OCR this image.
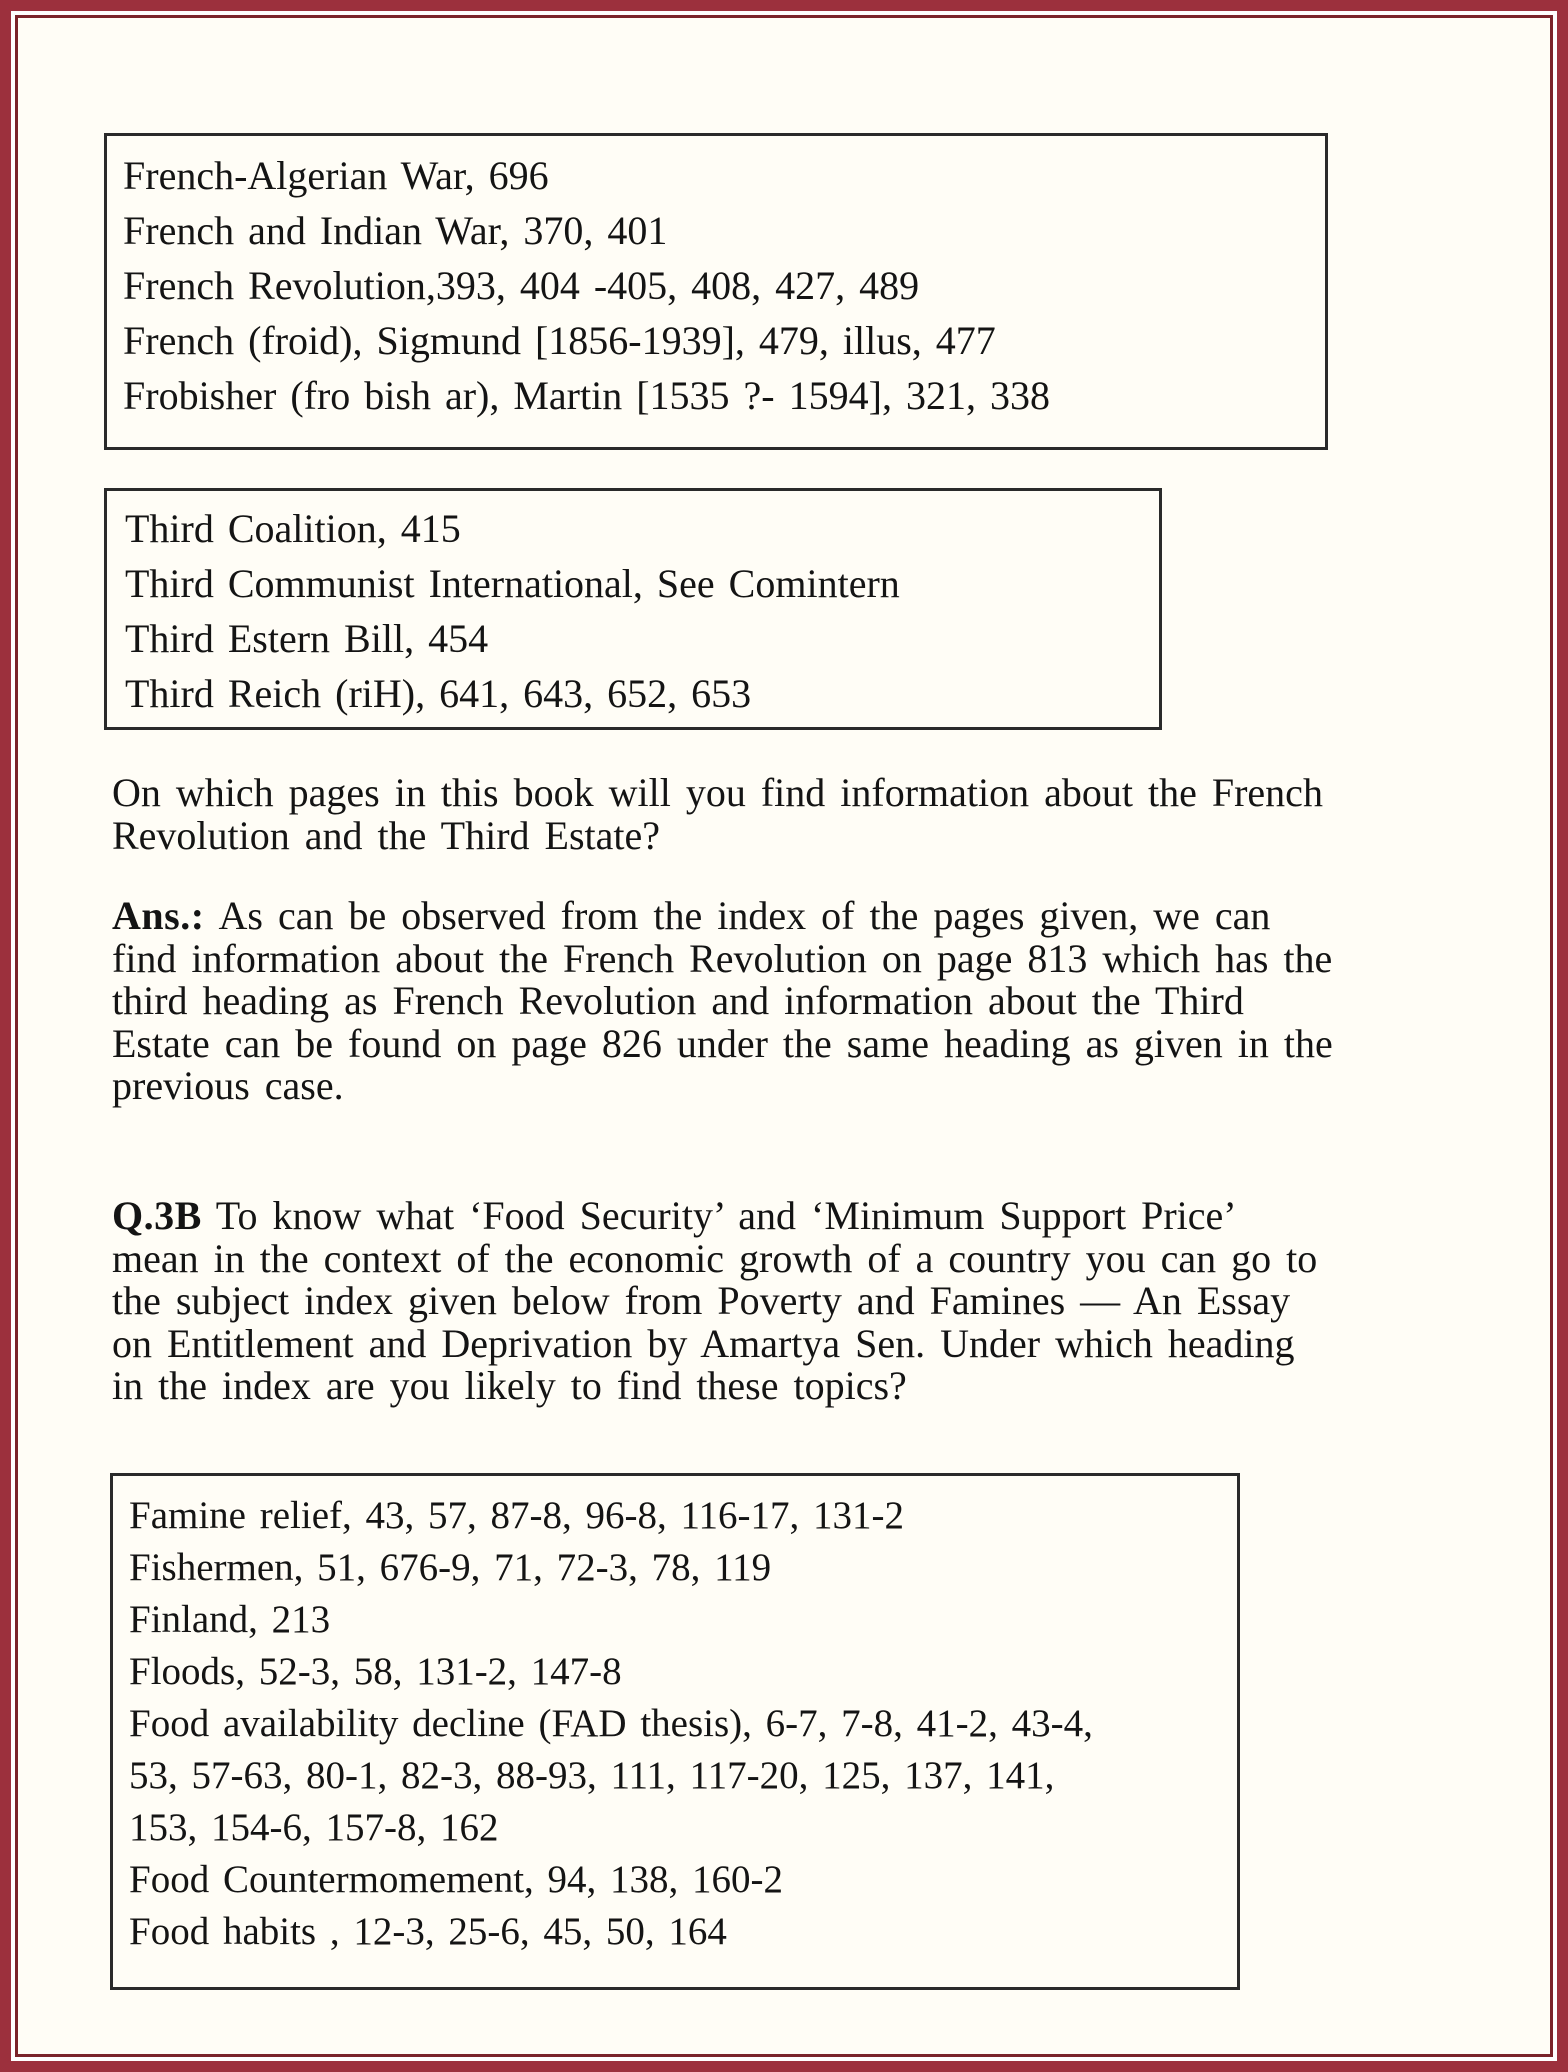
French-Algerian War, 696
French and Indian War, 370, 401
French Revolution,393, 404 -405, 408, 427, 489
French (froid), Sigmund [1856-1939], 479, illus, 477
Frobisher (fro bish ar), Martin [1535 ?- 1594], 321, 338
Third Coalition, 415
Third Communist International, See Comintern
Third Estern Bill, 454
Third Reich (riH), 641, 643, 652, 653
On which pages in this book will you find information about the French
Revolution and the Third Estate?
Ans.: As can be observed from the index of the pages given, we can
find information about the French Revolution on page 813 which has the
third heading as French Revolution and information about the Third
Estate can be found on page 826 under the same heading as given in the
previous case.
Q.3B To know what ‘Food Security’ and ‘Minimum Support Price’
mean in the context of the economic growth of a country you can go to
the subject index given below from Poverty and Famines — An Essay
on Entitlement and Deprivation by Amartya Sen. Under which heading
in the index are you likely to find these topics?
Famine relief, 43, 57, 87-8, 96-8, 116-17, 131-2
Fishermen, 51, 676-9, 71, 72-3, 78, 119
Finland, 213
Floods, 52-3, 58, 131-2, 147-8
Food availability decline (FAD thesis), 6-7, 7-8, 41-2, 43-4,
53, 57-63, 80-1, 82-3, 88-93, 111, 117-20, 125, 137, 141,
153, 154-6, 157-8, 162
Food Countermomement, 94, 138, 160-2
Food habits , 12-3, 25-6, 45, 50, 164
